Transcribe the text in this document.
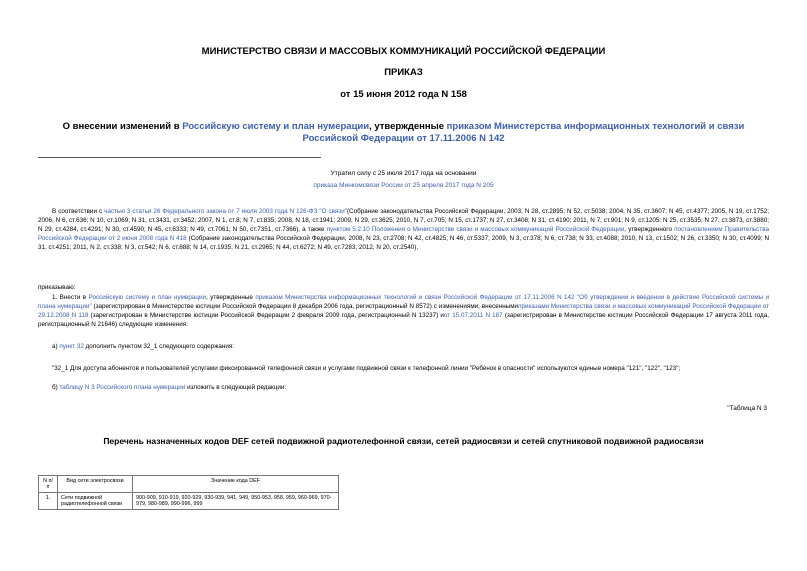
МИНИСТЕРСТВО СВЯЗИ И МАССОВЫХ КОММУНИКАЦИЙ РОССИЙСКОЙ ФЕДЕРАЦИИ
ПРИКАЗ
от 15 июня 2012 года N 158
О внесении изменений в Российскую систему и план нумерации, утвержденные приказом Министерства информационных технологий и связи Российской Федерации от 17.11.2006 N 142
Утратил силу с 25 июля 2017 года на основании
приказа Минкомсвязи России от 25 апреля 2017 года N 205
В соответствии с частью 3 статьи 26 Федерального закона от 7 июля 2003 года N 126-ФЗ "О связи"(Собрание законодательства Российской Федерации, 2003, N 28, ст.2895; N 52, ст.5038; 2004, N 35, ст.3607; N 45, ст.4377; 2005, N 19, ст.1752; 2006, N 6, ст.636; N 10, ст.1069; N 31, ст.3431, ст.3452; 2007, N 1, ст.8; N 7, ст.835; 2008, N 18, ст.1941; 2009, N 29, ст.3625; 2010, N 7, ст.705; N 15, ст.1737; N 27, ст.3408; N 31, ст.4190; 2011, N 7, ст.901; N 9, ст.1205; N 25, ст.3535; N 27, ст.3873, ст.3880; N 29, ст.4284, ст.4291; N 30, ст.4590; N 45, ст.6333; N 49, ст.7061; N 50, ст.7351, ст.7366), а также пунктом 5.2.10 Положения о Министерстве связи и массовых коммуникаций Российской Федерации, утвержденного постановлением Правительства Российской Федерации от 2 июня 2008 года N 418 (Собрание законодательства Российской Федерации, 2008, N 23, ст.2708; N 42, ст.4825; N 46, ст.5337; 2009, N 3, ст.378; N 6, ст.738; N 33, ст.4088; 2010, N 13, ст.1502; N 26, ст.3350; N 30, ст.4099; N 31, ст.4251; 2011, N 2, ст.338; N 3, ст.542; N 6, ст.888; N 14, ст.1935; N 21, ст.2965; N 44, ст.6272; N 49, ст.7283; 2012, N 20, ст.2540),
приказываю:
1. Внести в Российскую систему и план нумерации, утвержденные приказом Министерства информационных технологий и связи Российской Федерации от 17.11.2006 N 142 "Об утверждении и введении в действие Российской системы и плана нумерации" (зарегистрирован в Министерстве юстиции Российской Федерации 8 декабря 2006 года, регистрационный N 8572) с изменениями, внесеннымиприказами Министерства связи и массовых коммуникаций Российской Федерации от 29.12.2008 N 118 (зарегистрирован в Министерстве юстиции Российской Федерации 2 февраля 2009 года, регистрационный N 13237) иот 15.07.2011 N 187 (зарегистрирован в Министерстве юстиции Российской Федерации 17 августа 2011 года, регистрационный N 21646) следующие изменения:
а) пункт 32 дополнить пунктом 32_1 следующего содержания:
"32_1 Для доступа абонентов и пользователей услугами фиксированной телефонной связи и услугами подвижной связи к телефонной линии "Ребенок в опасности" используются единые номера "121", "122", "123";
б) таблицу N 3 Российского плана нумерации изложить в следующей редакции:
"Таблица N 3
Перечень назначенных кодов DEF сетей подвижной радиотелефонной связи, сетей радиосвязи и сетей спутниковой подвижной радиосвязи
N п/п	Вид сети электросвязи	Значение кода DEF
1.	Сети подвижной радиотелефонной связи	900-909, 910-919, 920-929, 930-939, 941, 949, 950-953, 958, 959, 960-969, 970-979, 980-989, 990-996, 999
